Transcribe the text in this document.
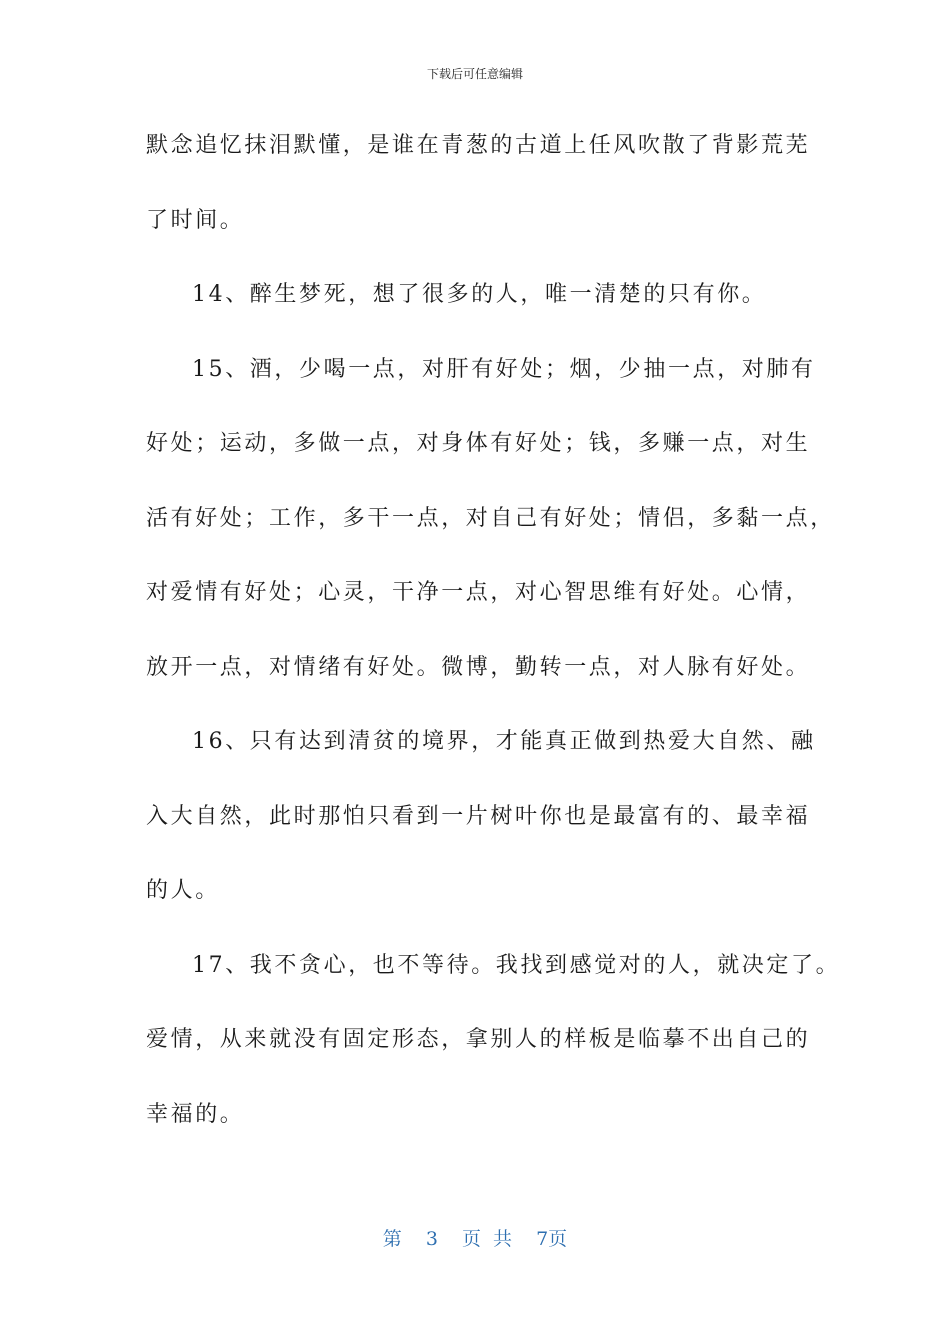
下载后可任意编辑
默念追忆抹泪默懂，是谁在青葱的古道上任风吹散了背影荒芜
了时间。
14、醉生梦死，想了很多的人，唯一清楚的只有你。
15、酒，少喝一点，对肝有好处；烟，少抽一点，对肺有
好处；运动，多做一点，对身体有好处；钱，多赚一点，对生
活有好处；工作，多干一点，对自己有好处；情侣，多黏一点，
对爱情有好处；心灵，干净一点，对心智思维有好处。心情，
放开一点，对情绪有好处。微博，勤转一点，对人脉有好处。
16、只有达到清贫的境界，才能真正做到热爱大自然、融
入大自然，此时那怕只看到一片树叶你也是最富有的、最幸福
的人。
17、我不贪心，也不等待。我找到感觉对的人，就决定了。
爱情，从来就没有固定形态，拿别人的样板是临摹不出自己的
幸福的。
第 3 页 共 7页
